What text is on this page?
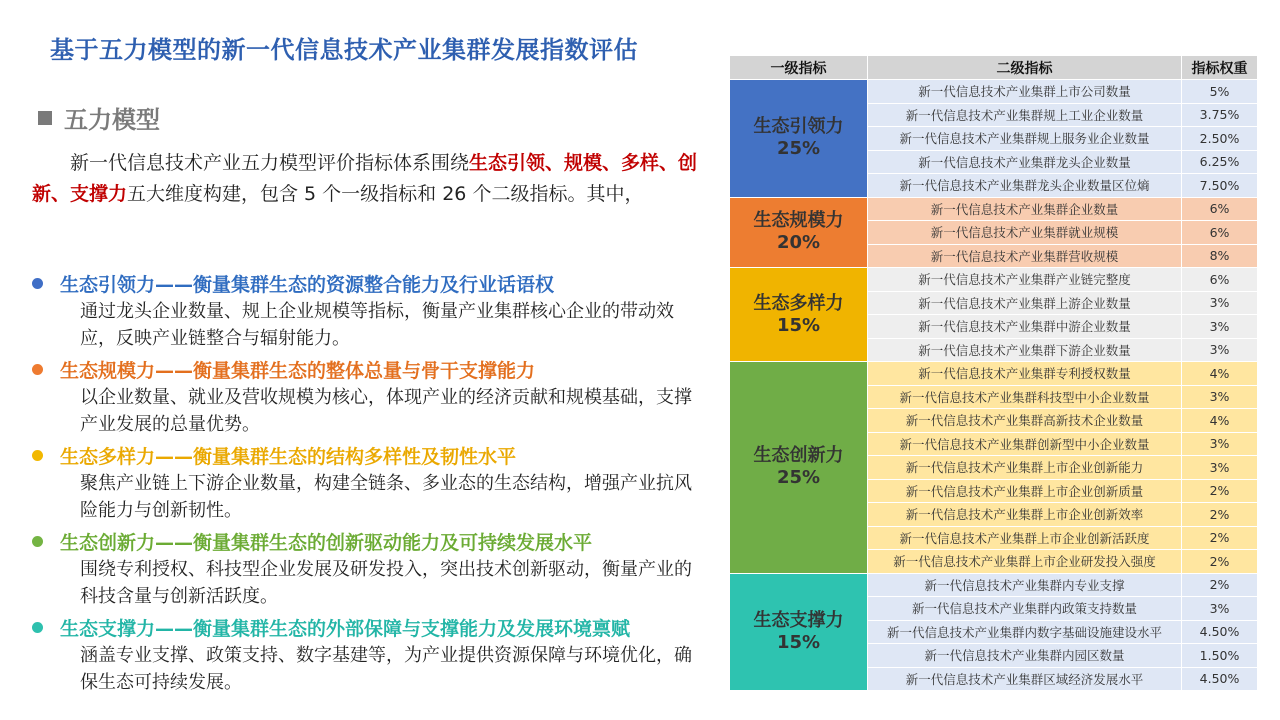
基于五力模型的新一代信息技术产业集群发展指数评估
五力模型

新一代信息技术产业五力模型评价指标体系围绕生态引领、规模、多样、创新、支撑力五大维度构建，包含 5 个一级指标和 26 个二级指标。其中，

生态引领力——衡量集群生态的资源整合能力及行业话语权
通过龙头企业数量、规上企业规模等指标，衡量产业集群核心企业的带动效应，反映产业链整合与辐射能力。
生态规模力——衡量集群生态的整体总量与骨干支撑能力
以企业数量、就业及营收规模为核心，体现产业的经济贡献和规模基础，支撑产业发展的总量优势。
生态多样力——衡量集群生态的结构多样性及韧性水平
聚焦产业链上下游企业数量，构建全链条、多业态的生态结构，增强产业抗风险能力与创新韧性。
生态创新力——衡量集群生态的创新驱动能力及可持续发展水平
围绕专利授权、科技型企业发展及研发投入，突出技术创新驱动，衡量产业的科技含量与创新活跃度。
生态支撑力——衡量集群生态的外部保障与支撑能力及发展环境禀赋
涵盖专业支撑、政策支持、数字基建等，为产业提供资源保障与环境优化，确保生态可持续发展。
一级指标	二级指标	指标权重

生态引领力
25%	新一代信息技术产业集群上市公司数量	5%
	新一代信息技术产业集群规上工业企业数量	3.75%
	新一代信息技术产业集群规上服务业企业数量	2.50%
	新一代信息技术产业集群龙头企业数量	6.25%
	新一代信息技术产业集群龙头企业数量区位熵	7.50%

生态规模力
20%	新一代信息技术产业集群企业数量	6%
	新一代信息技术产业集群就业规模	6%
	新一代信息技术产业集群营收规模	8%

生态多样力
15%	新一代信息技术产业集群产业链完整度	6%
	新一代信息技术产业集群上游企业数量	3%
	新一代信息技术产业集群中游企业数量	3%
	新一代信息技术产业集群下游企业数量	3%

生态创新力
25%	新一代信息技术产业集群专利授权数量	4%
	新一代信息技术产业集群科技型中小企业数量	3%
	新一代信息技术产业集群高新技术企业数量	4%
	新一代信息技术产业集群创新型中小企业数量	3%
	新一代信息技术产业集群上市企业创新能力	3%
	新一代信息技术产业集群上市企业创新质量	2%
	新一代信息技术产业集群上市企业创新效率	2%
	新一代信息技术产业集群上市企业创新活跃度	2%
	新一代信息技术产业集群上市企业研发投入强度	2%

生态支撑力
15%	新一代信息技术产业集群内专业支撑	2%
	新一代信息技术产业集群内政策支持数量	3%
	新一代信息技术产业集群内数字基础设施建设水平	4.50%
	新一代信息技术产业集群内园区数量	1.50%
	新一代信息技术产业集群区域经济发展水平	4.50%
